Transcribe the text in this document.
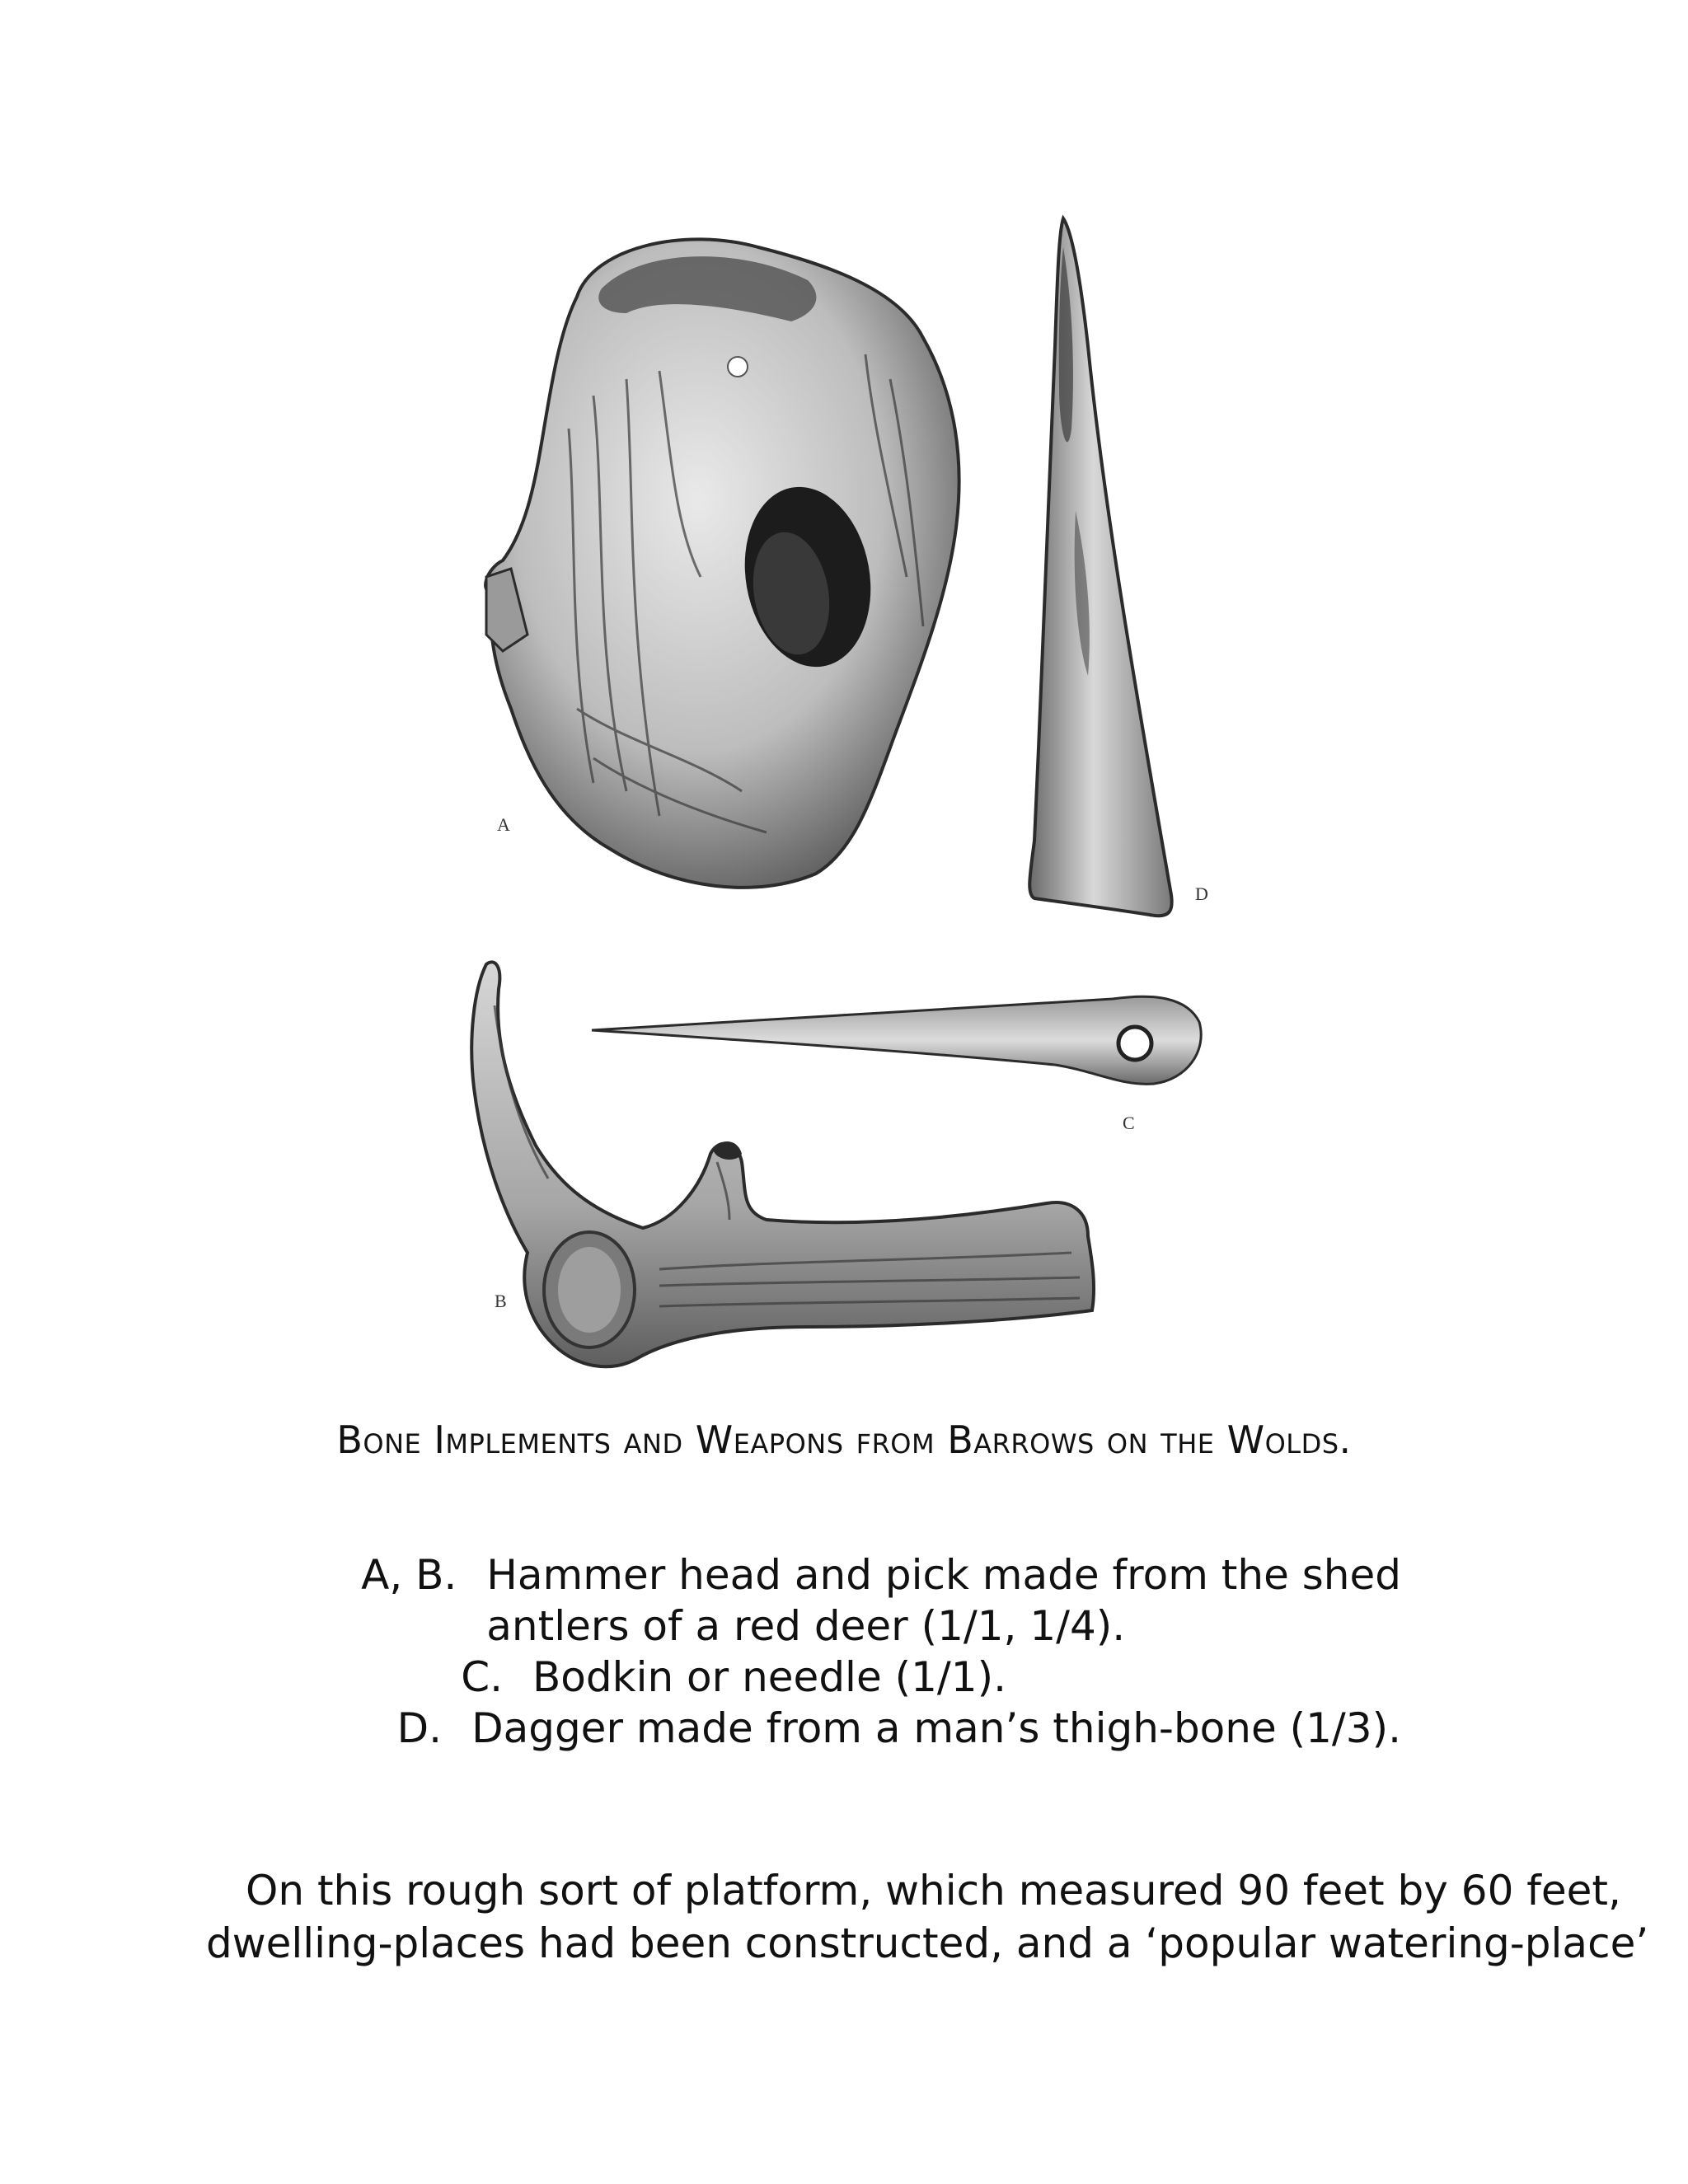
A
D
C
B
Bone Implements and Weapons from Barrows on the Wolds.
A, B. Hammer head and pick made from the shed
antlers of a red deer (1/1, 1/4).
C. Bodkin or needle (1/1).
D. Dagger made from a man’s thigh-bone (1/3).
On this rough sort of platform, which measured 90 feet by 60 feet,
dwelling-places had been constructed, and a ‘popular watering-place’
